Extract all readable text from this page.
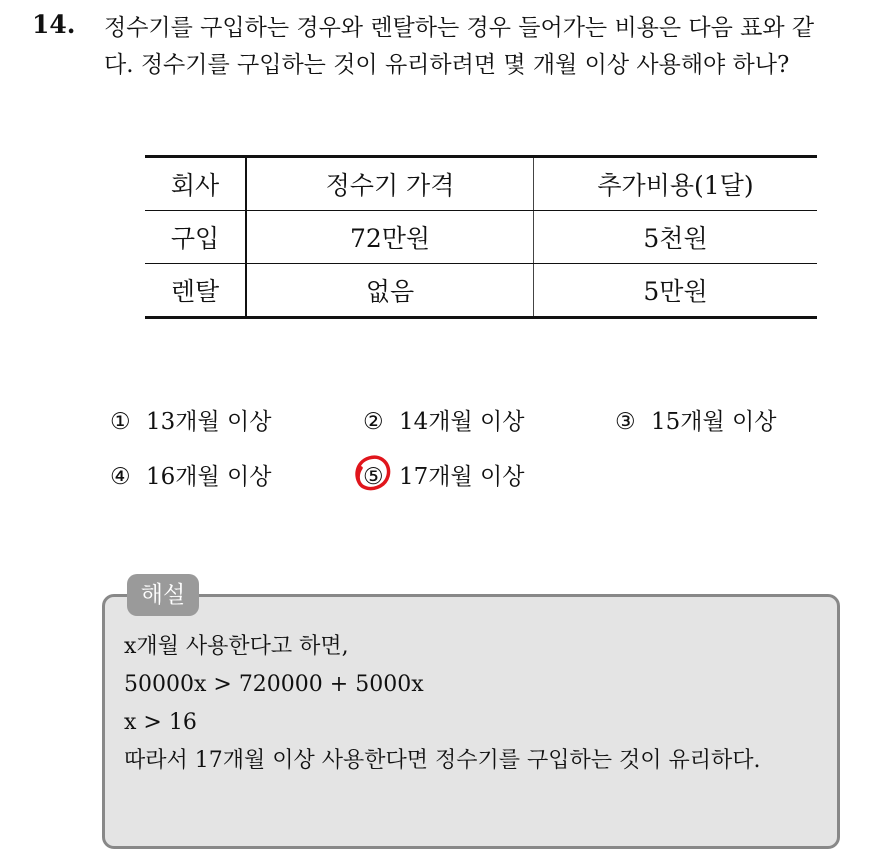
14. 정수기를 구입하는 경우와 렌탈하는 경우 들어가는 비용은 다음 표와 같다. 정수기를 구입하는 것이 유리하려면 몇 개월 이상 사용해야 하나?
회사	정수기 가격	추가비용(1달)
구입	72만원	5천원
렌탈	없음	5만원
① 13개월 이상	② 14개월 이상	③ 15개월 이상
④ 16개월 이상	⑤ 17개월 이상
해설
x개월 사용한다고 하면,
50000x > 720000 + 5000x
x > 16
따라서 17개월 이상 사용한다면 정수기를 구입하는 것이 유리하다.
